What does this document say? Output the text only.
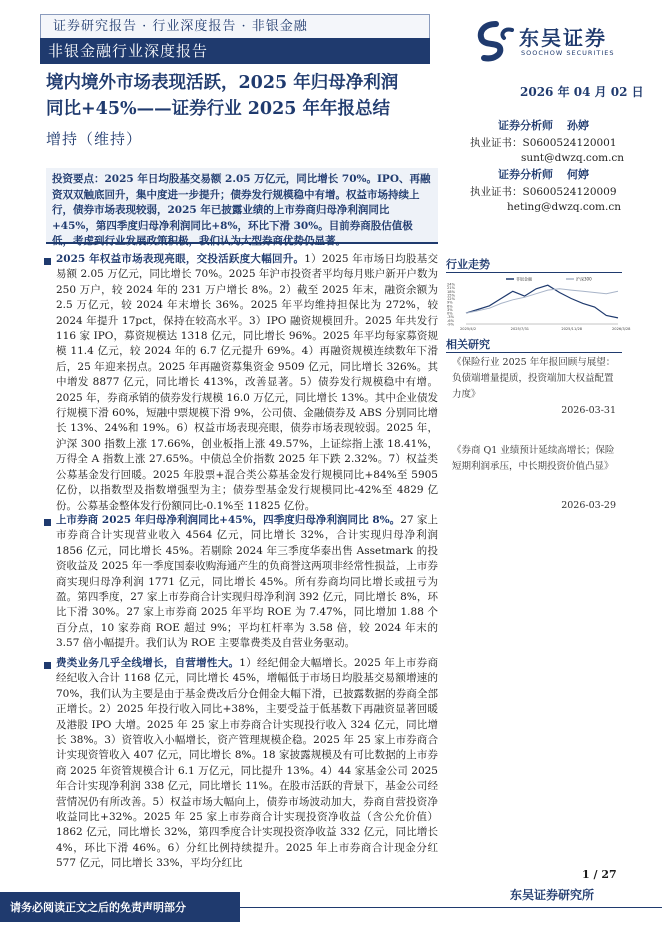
证券研究报告 · 行业深度报告 · 非银金融
非银金融行业深度报告
东吴证券
SOOCHOW SECURITIES
境内境外市场表现活跃，2025 年归母净利润
同比+45%——证券行业 2025 年年报总结
增持（维持）
2026 年 04 月 02 日
证券分析师 孙婷
执业证书：S0600524120001
sunt@dwzq.com.cn
证券分析师 何婷
执业证书：S0600524120009
heting@dwzq.com.cn
投资要点：2025 年日均股基交易额 2.05 万亿元，同比增长 70%。IPO、再融资双双触底回升，集中度进一步提升；债券发行规模稳中有增。权益市场持续上行，债券市场表现较弱，2025 年已披露业绩的上市券商归母净利润同比+45%，第四季度归母净利润同比+8%，环比下滑 30%。目前券商股估值极低，考虑到行业发展政策积极，我们认为大型券商优势仍显著。
2025 年权益市场表现亮眼，交投活跃度大幅回升。1）2025 年市场日均股基交易额 2.05 万亿元，同比增长 70%。2025 年沪市投资者平均每月账户新开户数为 250 万户，较 2024 年的 231 万户增长 8%。2）截至 2025 年末，融资余额为 2.5 万亿元，较 2024 年末增长 36%。2025 年平均维持担保比为 272%，较 2024 年提升 17pct，保持在较高水平。3）IPO 融资规模回升。2025 年共发行 116 家 IPO，募资规模达 1318 亿元，同比增长 96%。2025 年平均每家募资规模 11.4 亿元，较 2024 年的 6.7 亿元提升 69%。4）再融资规模连续数年下滑后，25 年迎来拐点。2025 年再融资募集资金 9509 亿元，同比增长 326%。其中增发 8877 亿元，同比增长 413%，改善显著。5）债券发行规模稳中有增。2025 年，券商承销的债券发行规模 16.0 万亿元，同比增长 13%。其中企业债发行规模下滑 60%，短融中票规模下滑 9%，公司债、金融债券及 ABS 分别同比增长 13%、24%和 19%。6）权益市场表现亮眼，债券市场表现较弱。2025 年，沪深 300 指数上涨 17.66%，创业板指上涨 49.57%，上证综指上涨 18.41%，万得全 A 指数上涨 27.65%。中债总全价指数 2025 年下跌 2.32%。7）权益类公募基金发行回暖。2025 年股票+混合类公募基金发行规模同比+84%至 5905 亿份，以指数型及指数增强型为主；债券型基金发行规模同比-42%至 4829 亿份。公募基金整体发行份额同比-0.1%至 11825 亿份。
上市券商 2025 年归母净利润同比+45%，四季度归母净利润同比 8%。27 家上市券商合计实现营业收入 4564 亿元，同比增长 32%，合计实现归母净利润 1856 亿元，同比增长 45%。若剔除 2024 年三季度华泰出售 Assetmark 的投资收益及 2025 年一季度国泰收购海通产生的负商誉这两项非经常性损益，上市券商实现归母净利润 1771 亿元，同比增长 45%。所有券商均同比增长或扭亏为盈。第四季度，27 家上市券商合计实现归母净利润 392 亿元，同比增长 8%，环比下滑 30%。27 家上市券商 2025 年平均 ROE 为 7.47%，同比增加 1.88 个百分点，10 家券商 ROE 超过 9%；平均杠杆率为 3.58 倍，较 2024 年末的 3.57 倍小幅提升。我们认为 ROE 主要靠费类及自营业务驱动。
费类业务几乎全线增长，自营增性大。1）经纪佣金大幅增长。2025 年上市券商经纪收入合计 1168 亿元，同比增长 45%，增幅低于市场日均股基交易额增速的 70%，我们认为主要是由于基金费改后分仓佣金大幅下滑，已披露数据的券商全部正增长。2）2025 年投行收入同比+38%，主要受益于低基数下再融资显著回暖及港股 IPO 大增。2025 年 25 家上市券商合计实现投行收入 324 亿元，同比增长 38%。3）资管收入小幅增长，资产管理规模企稳。2025 年 25 家上市券商合计实现资管收入 407 亿元，同比增长 8%。18 家披露规模及有可比数据的上市券商 2025 年资管规模合计 6.1 万亿元，同比提升 13%。4）44 家基金公司 2025 年合计实现净利润 338 亿元，同比增长 11%。在股市活跃的背景下，基金公司经营情况仍有所改善。5）权益市场大幅向上，债券市场波动加大，券商自营投资净收益同比+32%。2025 年 25 家上市券商合计实现投资净收益（含公允价值）1862 亿元，同比增长 32%，第四季度合计实现投资净收益 332 亿元，同比增长 4%，环比下滑 46%。6）分红比例持续提升。2025 年上市券商合计现金分红 577 亿元，同比增长 33%，平均分红比
行业走势
24%
21%
18%
15%
12%
9%
6%
3%
0%
-3%
-6%
-9%
2025/4/2	2025/7/31	2025/11/28	2026/3/28
非银金融	沪深300
相关研究
《保险行业 2025 年年报回顾与展望：负债端增量提质，投资端加大权益配置力度》
2026-03-31
《券商 Q1 业绩预计延续高增长；保险短期利润承压，中长期投资价值凸显》
2026-03-29
1 / 27
请务必阅读正文之后的免责声明部分
东吴证券研究所
